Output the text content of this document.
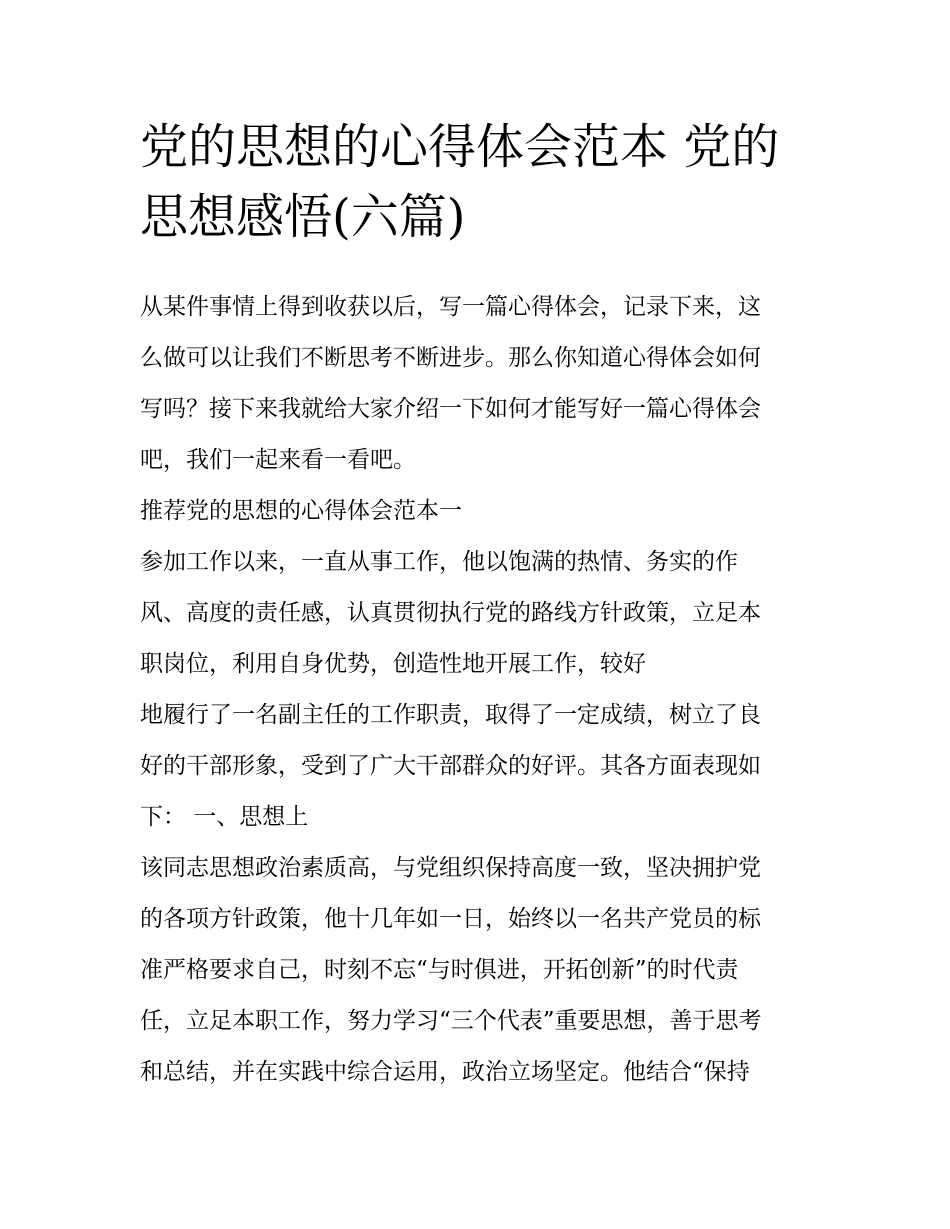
党的思想的心得体会范本 党的
思想感悟(六篇)
从某件事情上得到收获以后，写一篇心得体会，记录下来，这
么做可以让我们不断思考不断进步。那么你知道心得体会如何
写吗？接下来我就给大家介绍一下如何才能写好一篇心得体会
吧，我们一起来看一看吧。
推荐党的思想的心得体会范本一
参加工作以来，一直从事工作，他以饱满的热情、务实的作
风、高度的责任感，认真贯彻执行党的路线方针政策，立足本
职岗位，利用自身优势，创造性地开展工作，较好
地履行了一名副主任的工作职责，取得了一定成绩，树立了良
好的干部形象，受到了广大干部群众的好评。其各方面表现如
下： 一、思想上
该同志思想政治素质高，与党组织保持高度一致，坚决拥护党
的各项方针政策，他十几年如一日，始终以一名共产党员的标
准严格要求自己，时刻不忘“与时俱进，开拓创新”的时代责
任，立足本职工作，努力学习“三个代表”重要思想，善于思考
和总结，并在实践中综合运用，政治立场坚定。他结合“保持
